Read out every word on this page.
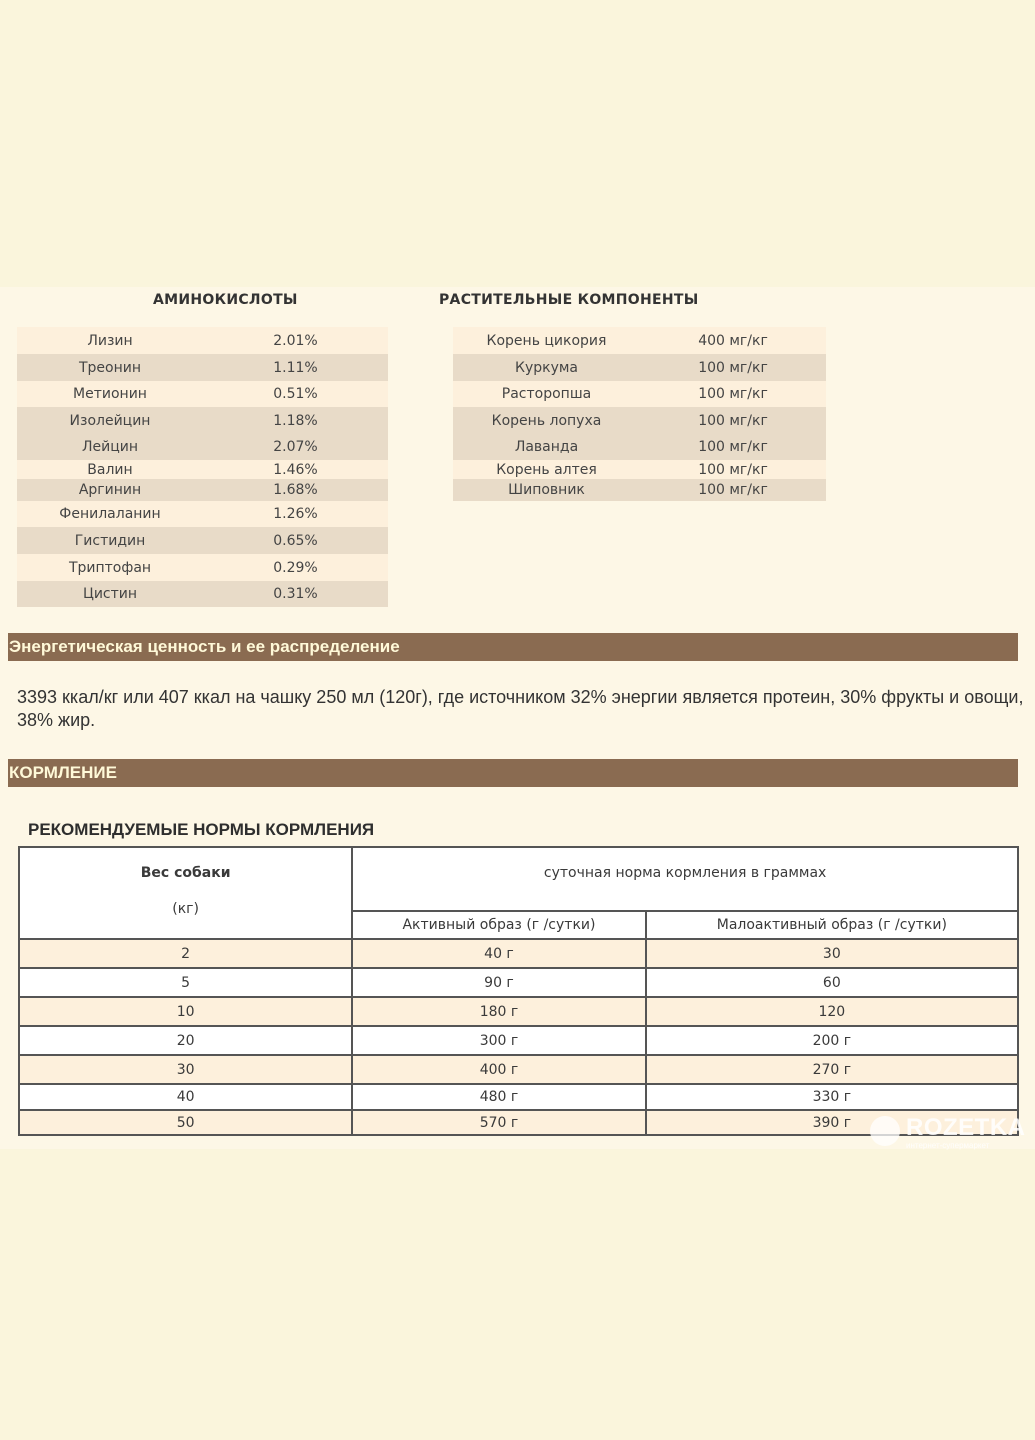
АМИНОКИСЛОТЫ	РАСТИТЕЛЬНЫЕ КОМПОНЕНТЫ
Лизин	2.01%
Треонин	1.11%
Метионин	0.51%
Изолейцин	1.18%
Лейцин	2.07%
Валин	1.46%
Аргинин	1.68%
Фенилаланин	1.26%
Гистидин	0.65%
Триптофан	0.29%
Цистин	0.31%
Корень цикория	400 мг/кг
Куркума	100 мг/кг
Расторопша	100 мг/кг
Корень лопуха	100 мг/кг
Лаванда	100 мг/кг
Корень алтея	100 мг/кг
Шиповник	100 мг/кг
Энергетическая ценность и ее распределение
3393 ккал/кг или 407 ккал на чашку 250 мл (120г), где источником 32% энергии является протеин, 30% фрукты и овощи, 38% жир.
КОРМЛЕНИЕ
РЕКОМЕНДУЕМЫЕ НОРМЫ КОРМЛЕНИЯ
Вес собаки
(кг)	суточная норма кормления в граммах	
	Активный образ (г /сутки)	Малоактивный образ (г /сутки)
2	40 г	30
5	90 г	60
10	180 г	120
20	300 г	200 г
30	400 г	270 г
40	480 г	330 г
50	570 г	390 г ROZETKA
интернет-супермаркет
